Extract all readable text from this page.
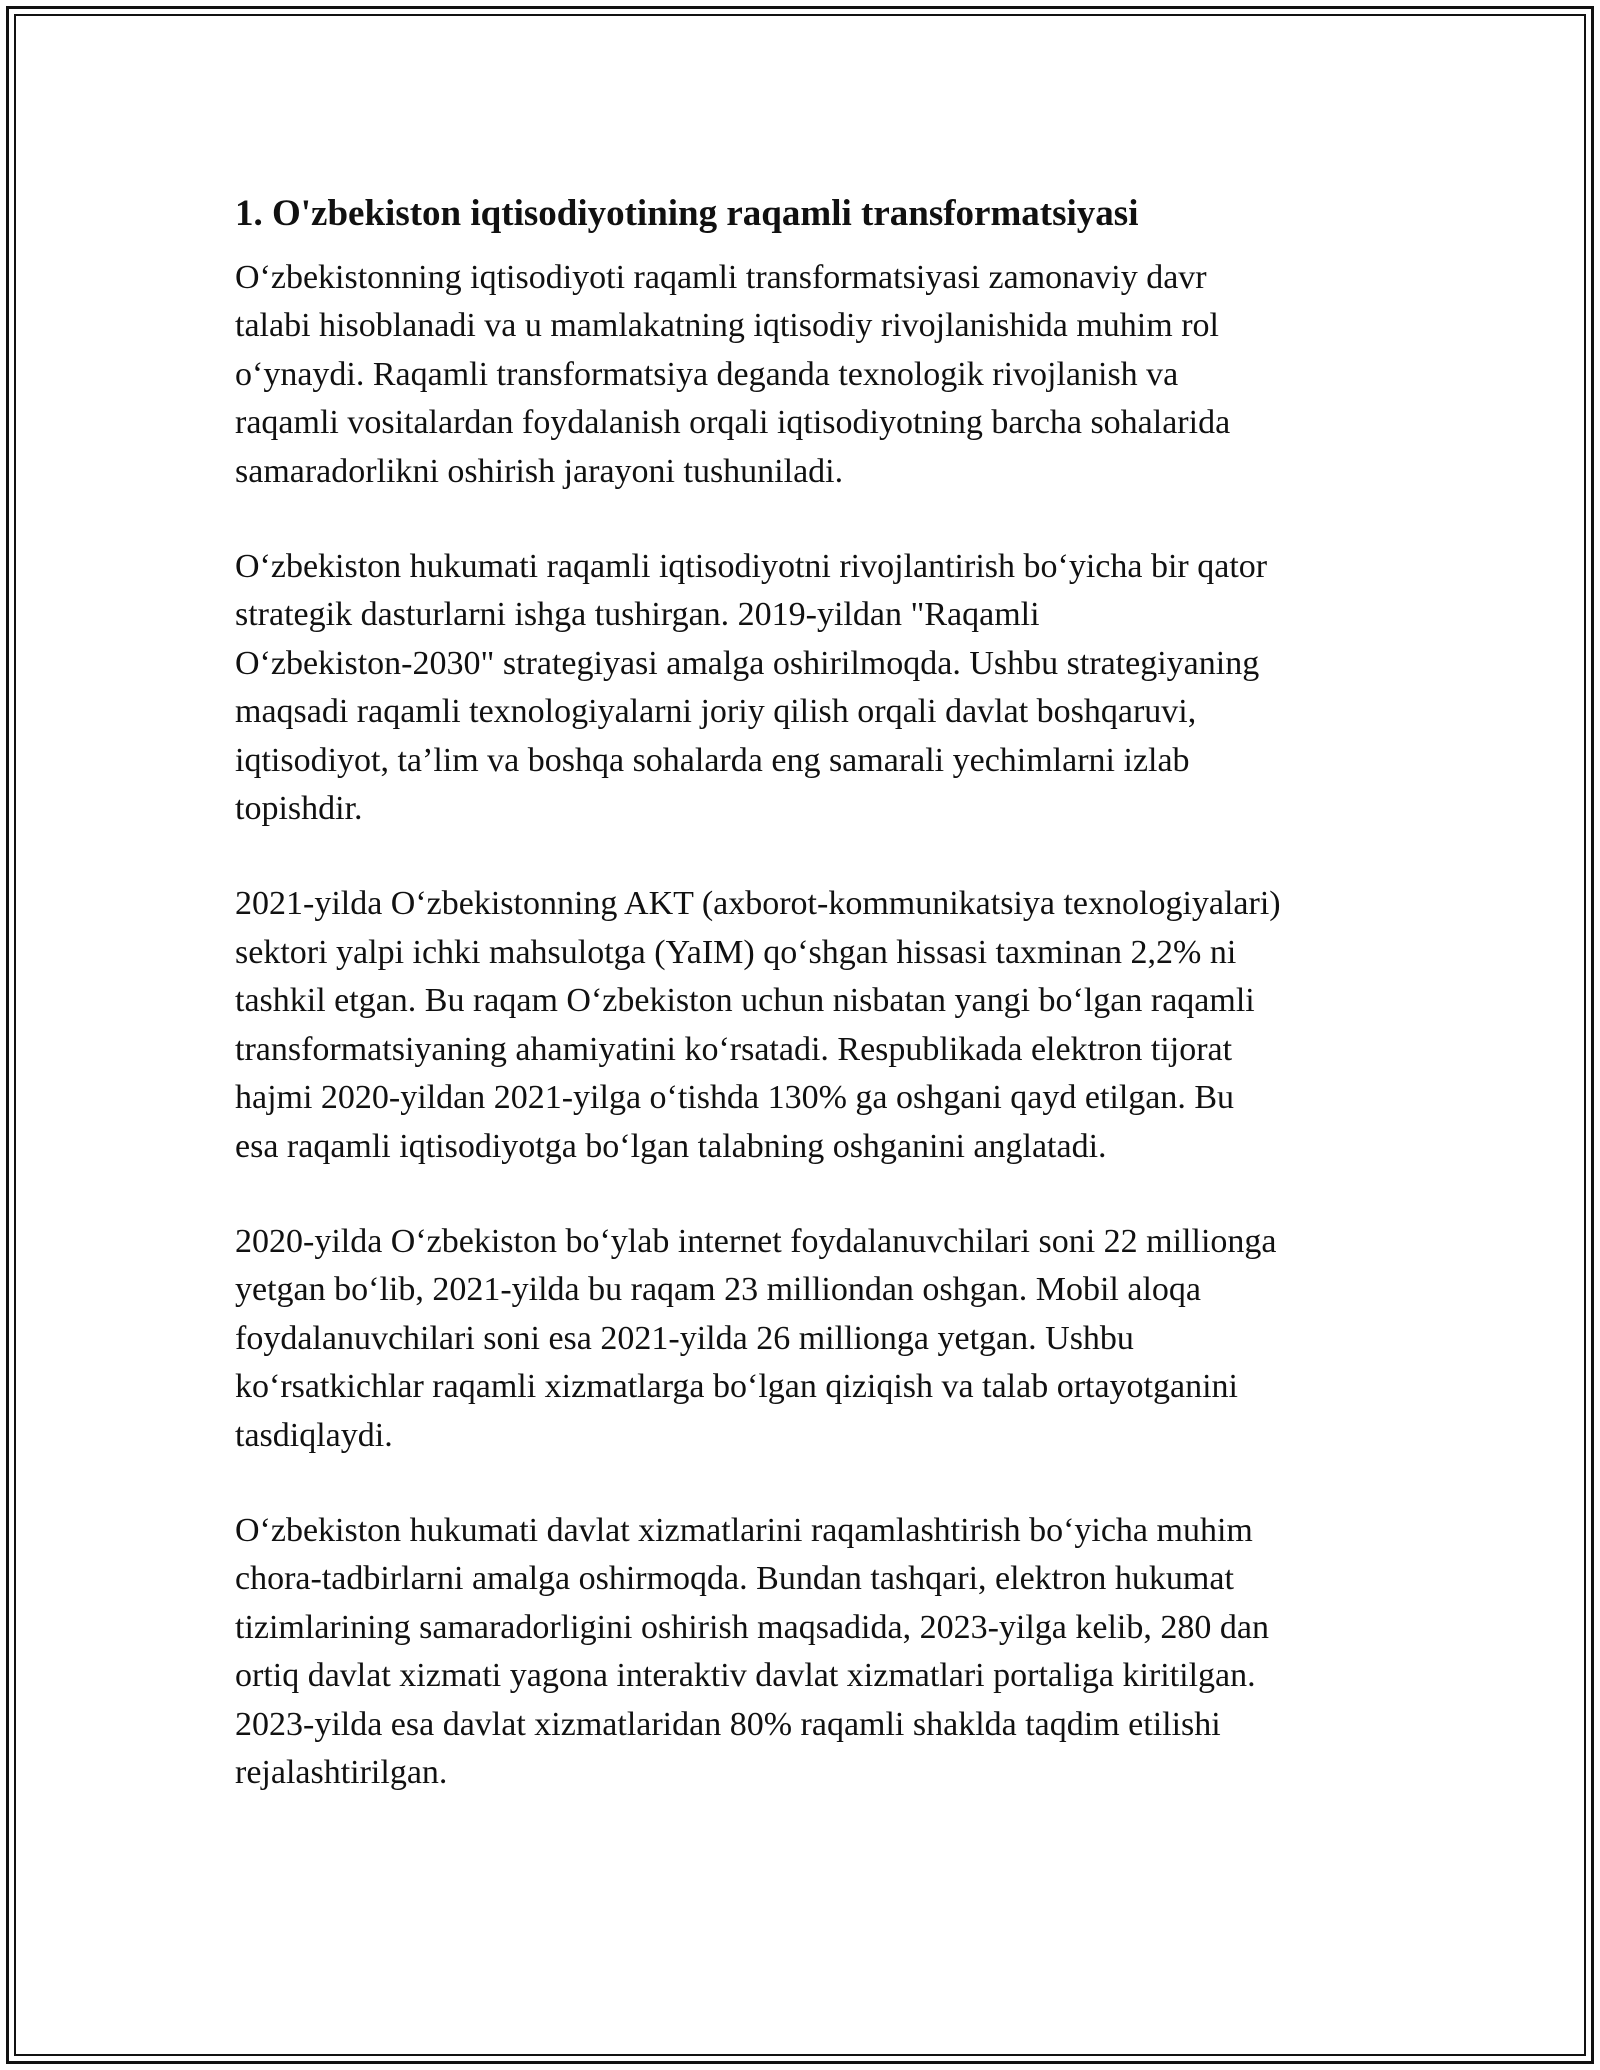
1. O'zbekiston iqtisodiyotining raqamli transformatsiyasi

O‘zbekistonning iqtisodiyoti raqamli transformatsiyasi zamonaviy davr
talabi hisoblanadi va u mamlakatning iqtisodiy rivojlanishida muhim rol
o‘ynaydi. Raqamli transformatsiya deganda texnologik rivojlanish va
raqamli vositalardan foydalanish orqali iqtisodiyotning barcha sohalarida
samaradorlikni oshirish jarayoni tushuniladi.

O‘zbekiston hukumati raqamli iqtisodiyotni rivojlantirish bo‘yicha bir qator
strategik dasturlarni ishga tushirgan. 2019-yildan "Raqamli
O‘zbekiston-2030" strategiyasi amalga oshirilmoqda. Ushbu strategiyaning
maqsadi raqamli texnologiyalarni joriy qilish orqali davlat boshqaruvi,
iqtisodiyot, ta’lim va boshqa sohalarda eng samarali yechimlarni izlab
topishdir.

2021-yilda O‘zbekistonning AKT (axborot-kommunikatsiya texnologiyalari)
sektori yalpi ichki mahsulotga (YaIM) qo‘shgan hissasi taxminan 2,2% ni
tashkil etgan. Bu raqam O‘zbekiston uchun nisbatan yangi bo‘lgan raqamli
transformatsiyaning ahamiyatini ko‘rsatadi. Respublikada elektron tijorat
hajmi 2020-yildan 2021-yilga o‘tishda 130% ga oshgani qayd etilgan. Bu
esa raqamli iqtisodiyotga bo‘lgan talabning oshganini anglatadi.

2020-yilda O‘zbekiston bo‘ylab internet foydalanuvchilari soni 22 millionga
yetgan bo‘lib, 2021-yilda bu raqam 23 milliondan oshgan. Mobil aloqa
foydalanuvchilari soni esa 2021-yilda 26 millionga yetgan. Ushbu
ko‘rsatkichlar raqamli xizmatlarga bo‘lgan qiziqish va talab ortayotganini
tasdiqlaydi.

O‘zbekiston hukumati davlat xizmatlarini raqamlashtirish bo‘yicha muhim
chora-tadbirlarni amalga oshirmoqda. Bundan tashqari, elektron hukumat
tizimlarining samaradorligini oshirish maqsadida, 2023-yilga kelib, 280 dan
ortiq davlat xizmati yagona interaktiv davlat xizmatlari portaliga kiritilgan.
2023-yilda esa davlat xizmatlaridan 80% raqamli shaklda taqdim etilishi
rejalashtirilgan.
